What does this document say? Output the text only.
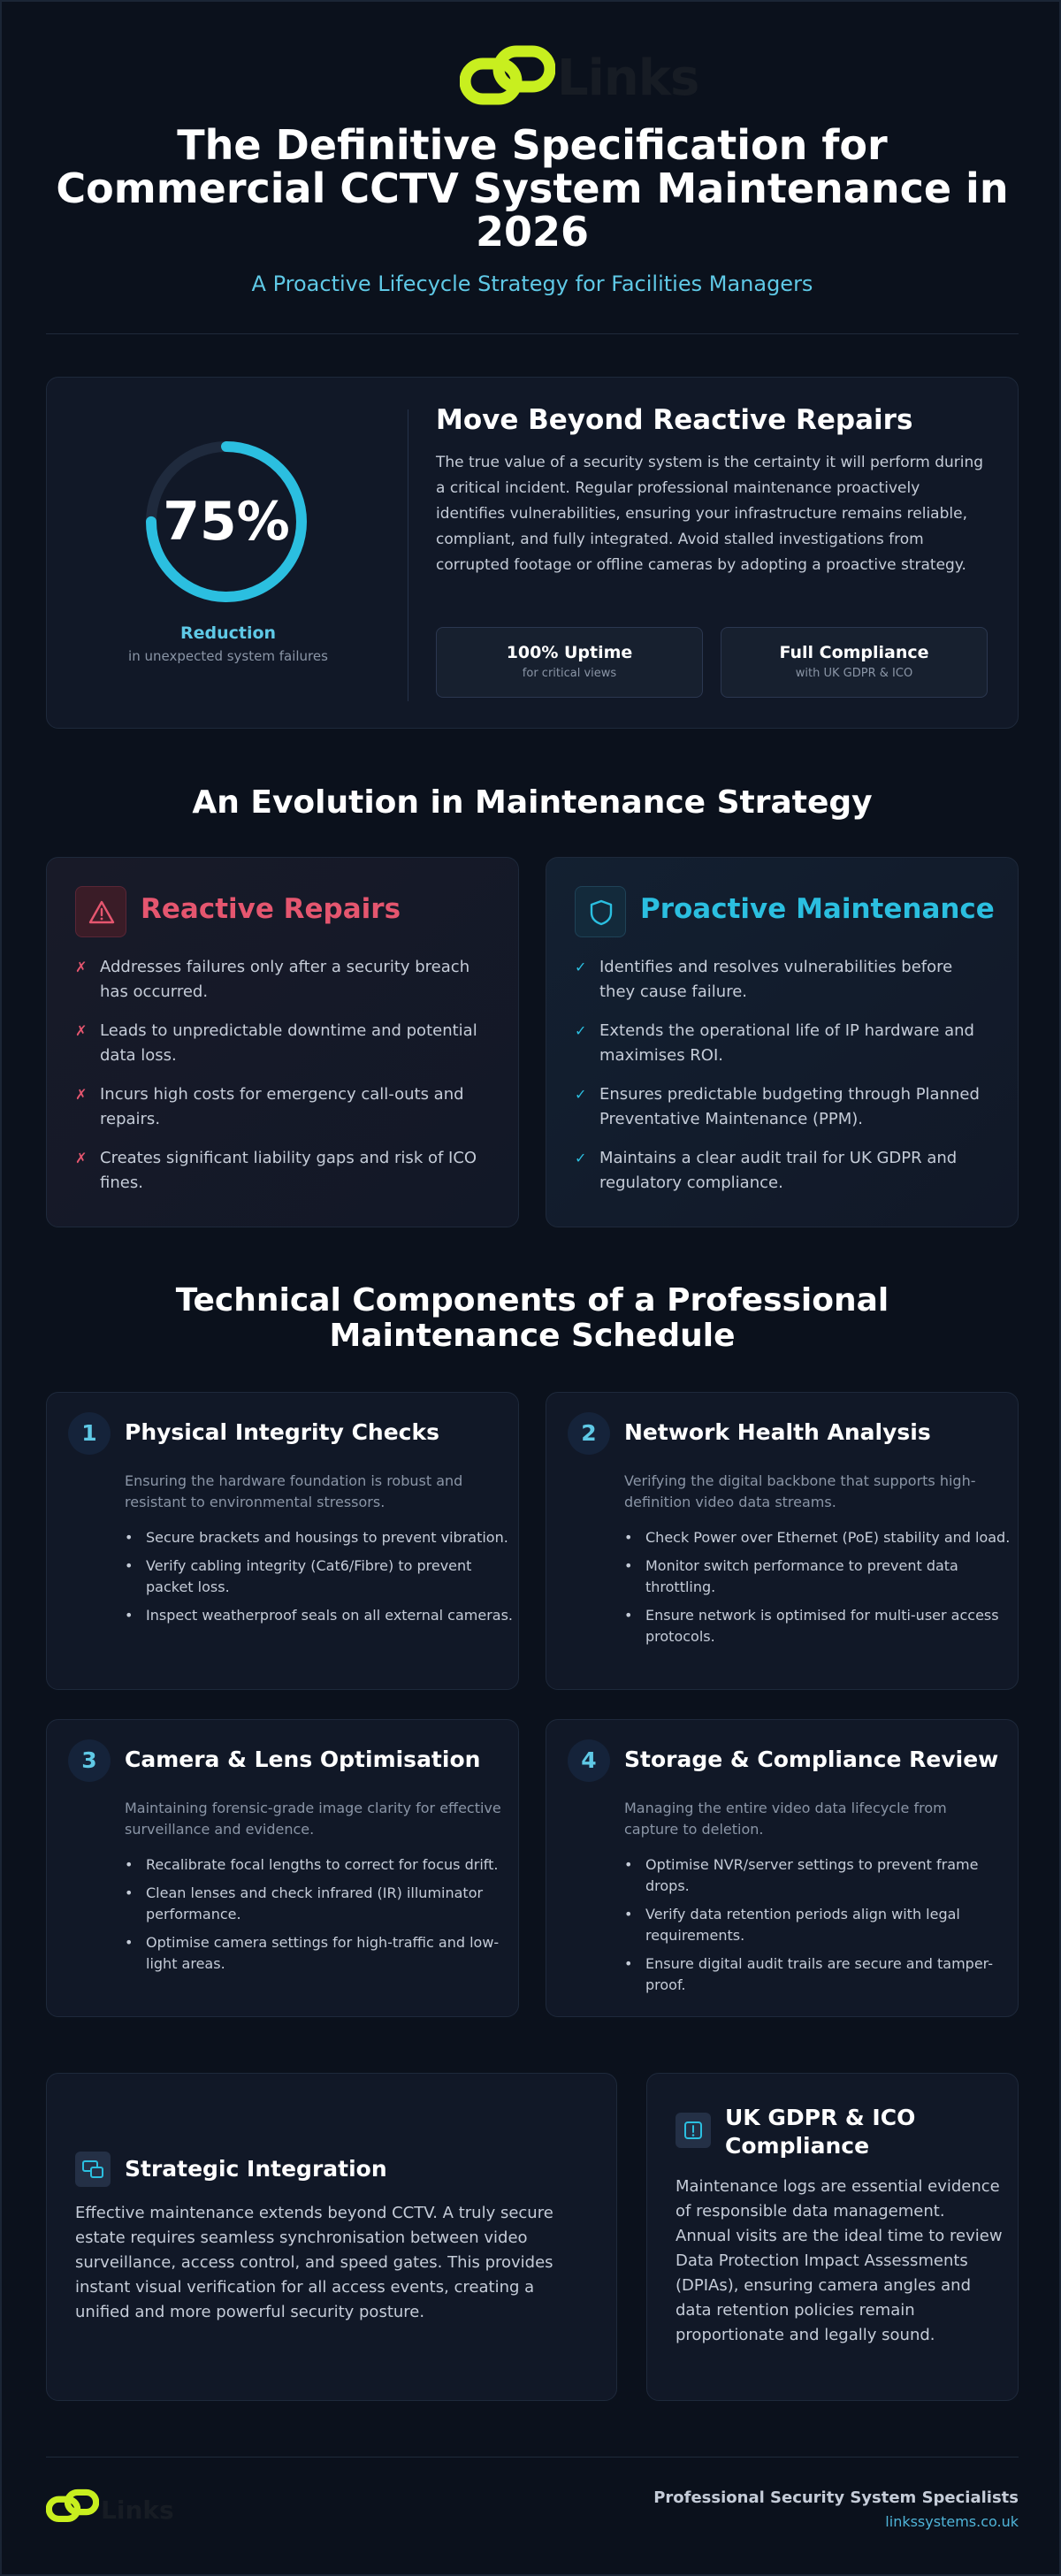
Links
The Definitive Specification for Commercial CCTV System Maintenance in 2026
A Proactive Lifecycle Strategy for Facilities Managers
75%
Reduction
in unexpected system failures
Move Beyond Reactive Repairs

The true value of a security system is the certainty it will perform during a critical incident. Regular professional maintenance proactively identifies vulnerabilities, ensuring your infrastructure remains reliable, compliant, and fully integrated. Avoid stalled investigations from corrupted footage or offline cameras by adopting a proactive strategy.

100% Uptime
for critical views
Full Compliance
with UK GDPR & ICO
An Evolution in Maintenance Strategy
Reactive Repairs
✗ Addresses failures only after a security breach has occurred.
✗ Leads to unpredictable downtime and potential data loss.
✗ Incurs high costs for emergency call-outs and repairs.
✗ Creates significant liability gaps and risk of ICO fines.
Proactive Maintenance
✓ Identifies and resolves vulnerabilities before they cause failure.
✓ Extends the operational life of IP hardware and maximises ROI.
✓ Ensures predictable budgeting through Planned Preventative Maintenance (PPM).
✓ Maintains a clear audit trail for UK GDPR and regulatory compliance.
Technical Components of a Professional Maintenance Schedule
1	Physical Integrity Checks
Ensuring the hardware foundation is robust and resistant to environmental stressors.
• Secure brackets and housings to prevent vibration.
• Verify cabling integrity (Cat6/Fibre) to prevent packet loss.
• Inspect weatherproof seals on all external cameras.
2	Network Health Analysis
Verifying the digital backbone that supports high-definition video data streams.
• Check Power over Ethernet (PoE) stability and load.
• Monitor switch performance to prevent data throttling.
• Ensure network is optimised for multi-user access protocols.
3	Camera & Lens Optimisation
Maintaining forensic-grade image clarity for effective surveillance and evidence.
• Recalibrate focal lengths to correct for focus drift.
• Clean lenses and check infrared (IR) illuminator performance.
• Optimise camera settings for high-traffic and low-light areas.
4	Storage & Compliance Review
Managing the entire video data lifecycle from capture to deletion.
• Optimise NVR/server settings to prevent frame drops.
• Verify data retention periods align with legal requirements.
• Ensure digital audit trails are secure and tamper-proof.
Strategic Integration

Effective maintenance extends beyond CCTV. A truly secure estate requires seamless synchronisation between video surveillance, access control, and speed gates. This provides instant visual verification for all access events, creating a unified and more powerful security posture.

UK GDPR & ICO Compliance

Maintenance logs are essential evidence of responsible data management. Annual visits are the ideal time to review Data Protection Impact Assessments (DPIAs), ensuring camera angles and data retention policies remain proportionate and legally sound.

Links	Professional Security System Specialists
linkssystems.co.uk
